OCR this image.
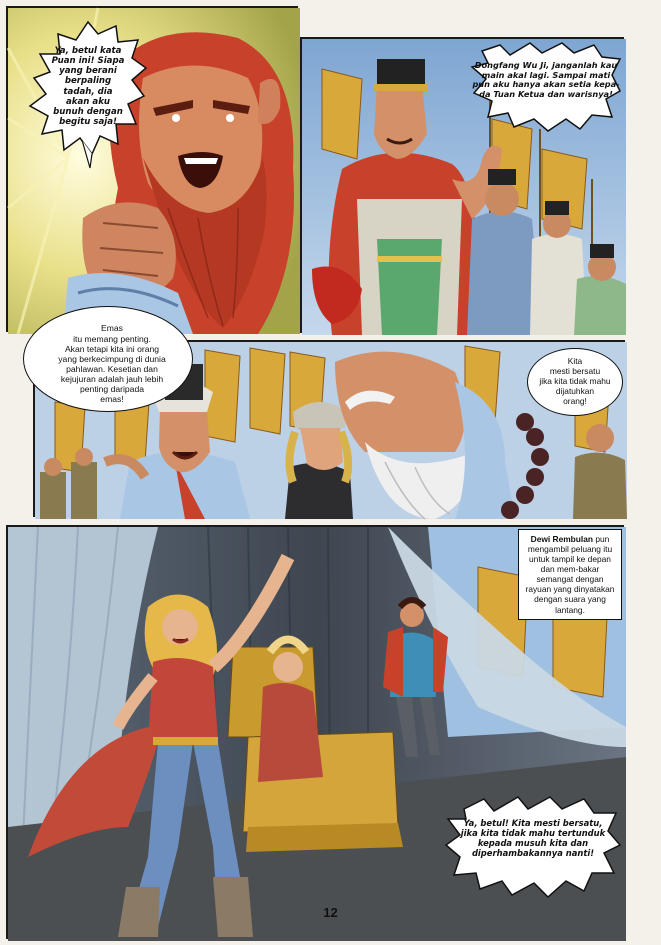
Ya, betul kata
Puan ini! Siapa
yang berani
berpaling
tadah, dia
akan aku
bunuh dengan
begitu saja!
Dongfang Wu Ji, janganlah kau
main akal lagi. Sampai mati
pun aku hanya akan setia kepa-
da Tuan Ketua dan warisnya!
Emas
itu memang penting.
Akan tetapi kita ini orang
yang berkecimpung di dunia
pahlawan. Kesetian dan
kejujuran adalah jauh lebih
penting daripada
emas!
Kita
mesti bersatu
jika kita tidak mahu
dijatuhkan
orang!
Dewi Rembulan pun mengambil peluang itu untuk tampil ke depan dan mem-bakar semangat dengan rayuan yang dinyatakan dengan suara yang lantang.
Ya, betul! Kita mesti bersatu,
jika kita tidak mahu tertunduk
kepada musuh kita dan
diperhambakannya nanti!
12
